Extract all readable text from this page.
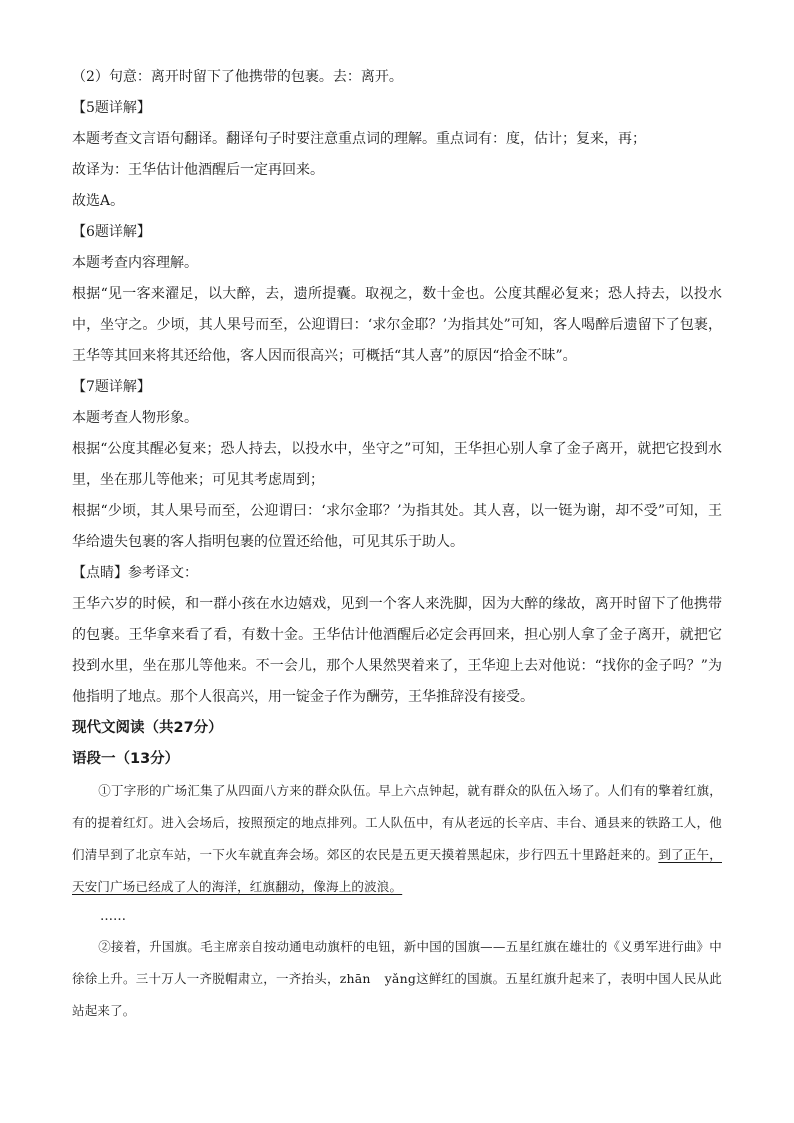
（2）句意：离开时留下了他携带的包裹。去：离开。

【5题详解】

本题考查文言语句翻译。翻译句子时要注意重点词的理解。重点词有：度，估计；复来，再；

故译为：王华估计他酒醒后一定再回来。

故选A。

【6题详解】

本题考查内容理解。

根据“见一客来濯足，以大醉，去，遗所提囊。取视之，数十金也。公度其醒必复来；恐人持去，以投水中，坐守之。少顷，其人果号而至，公迎谓曰：‘求尔金耶？’为指其处”可知，客人喝醉后遗留下了包裹，王华等其回来将其还给他，客人因而很高兴；可概括“其人喜”的原因“拾金不昧”。

【7题详解】

本题考查人物形象。

根据“公度其醒必复来；恐人持去，以投水中，坐守之”可知，王华担心别人拿了金子离开，就把它投到水里，坐在那儿等他来；可见其考虑周到；

根据“少顷，其人果号而至，公迎谓曰：‘求尔金耶？’为指其处。其人喜，以一铤为谢，却不受”可知，王华给遗失包裹的客人指明包裹的位置还给他，可见其乐于助人。

【点睛】参考译文：

王华六岁的时候，和一群小孩在水边嬉戏，见到一个客人来洗脚，因为大醉的缘故，离开时留下了他携带的包裹。王华拿来看了看，有数十金。王华估计他酒醒后必定会再回来，担心别人拿了金子离开，就把它投到水里，坐在那儿等他来。不一会儿，那个人果然哭着来了，王华迎上去对他说：“找你的金子吗？”为他指明了地点。那个人很高兴，用一锭金子作为酬劳，王华推辞没有接受。

现代文阅读（共27分）

语段一（13分）

①丁字形的广场汇集了从四面八方来的群众队伍。早上六点钟起，就有群众的队伍入场了。人们有的擎着红旗，有的提着红灯。进入会场后，按照预定的地点排列。工人队伍中，有从老远的长辛店、丰台、通县来的铁路工人，他们清早到了北京车站，一下火车就直奔会场。郊区的农民是五更天摸着黑起床，步行四五十里路赶来的。到了正午，天安门广场已经成了人的海洋，红旗翻动，像海上的波浪。

……

②接着，升国旗。毛主席亲自按动通电动旗杆的电钮，新中国的国旗——五星红旗在雄壮的《义勇军进行曲》中徐徐上升。三十万人一齐脱帽肃立，一齐抬头，zhān yǎng这鲜红的国旗。五星红旗升起来了，表明中国人民从此站起来了。
